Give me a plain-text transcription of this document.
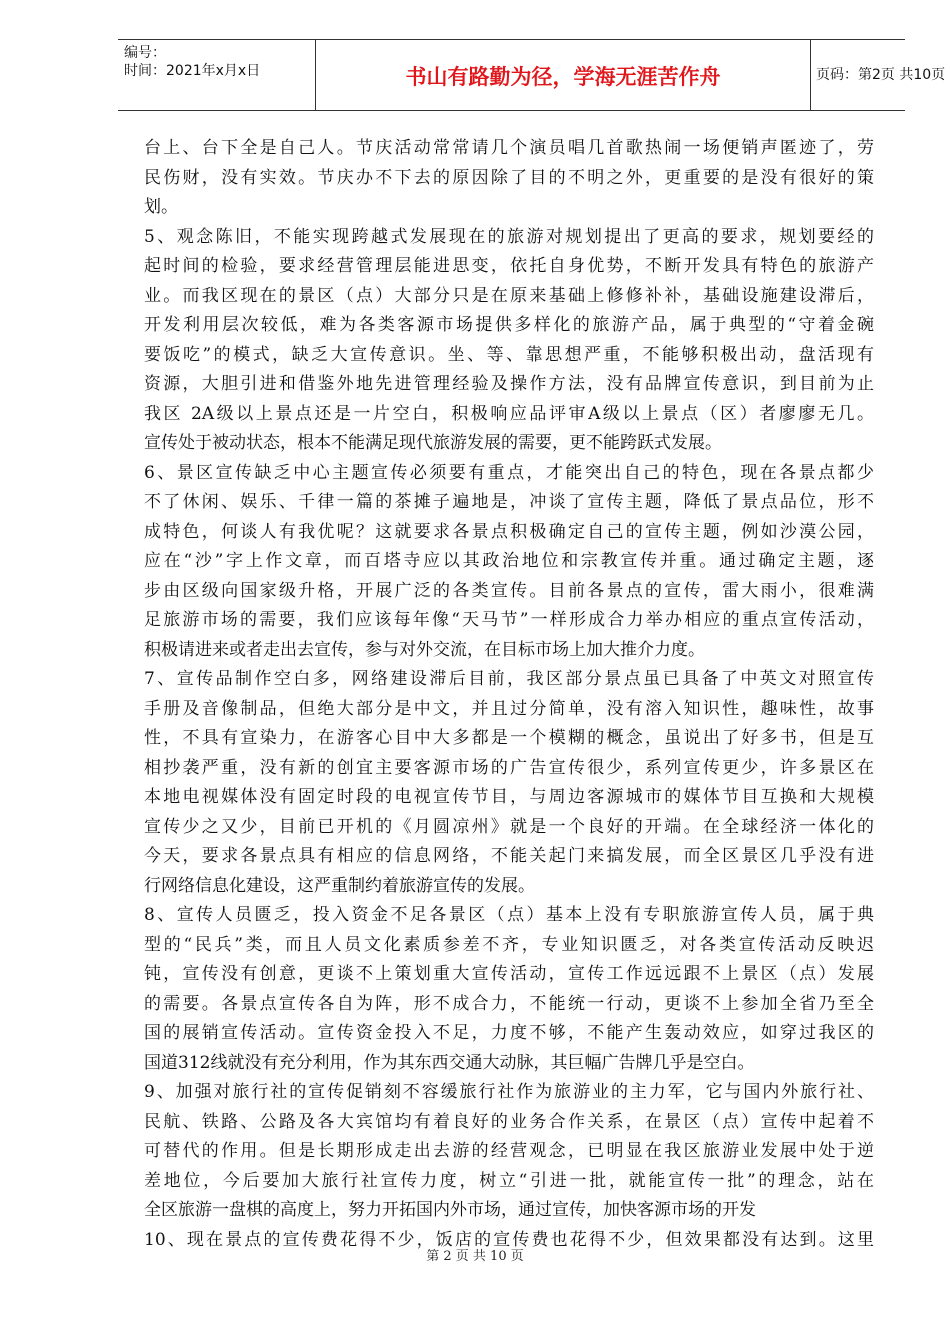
编号：
时间：2021年x月x日	书山有路勤为径，学海无涯苦作舟	页码：第2页 共10页
台上、台下全是自己人。节庆活动常常请几个演员唱几首歌热闹一场便销声匿迹了，劳
民伤财，没有实效。节庆办不下去的原因除了目的不明之外，更重要的是没有很好的策
划。
5、观念陈旧，不能实现跨越式发展现在的旅游对规划提出了更高的要求，规划要经的
起时间的检验，要求经营管理层能进思变，依托自身优势，不断开发具有特色的旅游产
业。而我区现在的景区（点）大部分只是在原来基础上修修补补，基础设施建设滞后，
开发利用层次较低，难为各类客源市场提供多样化的旅游产品，属于典型的“守着金碗
要饭吃”的模式，缺乏大宣传意识。坐、等、靠思想严重，不能够积极出动，盘活现有
资源，大胆引进和借鉴外地先进管理经验及操作方法，没有品牌宣传意识，到目前为止
我区 2A级以上景点还是一片空白，积极响应品评审A级以上景点（区）者廖廖无几。
宣传处于被动状态，根本不能满足现代旅游发展的需要，更不能跨跃式发展。
6、景区宣传缺乏中心主题宣传必须要有重点，才能突出自己的特色，现在各景点都少
不了休闲、娱乐、千律一篇的茶摊子遍地是，冲谈了宣传主题，降低了景点品位，形不
成特色，何谈人有我优呢？这就要求各景点积极确定自己的宣传主题，例如沙漠公园，
应在“沙”字上作文章，而百塔寺应以其政治地位和宗教宣传并重。通过确定主题，逐
步由区级向国家级升格，开展广泛的各类宣传。目前各景点的宣传，雷大雨小，很难满
足旅游市场的需要，我们应该每年像“天马节”一样形成合力举办相应的重点宣传活动，
积极请进来或者走出去宣传，参与对外交流，在目标市场上加大推介力度。
7、宣传品制作空白多，网络建设滞后目前，我区部分景点虽已具备了中英文对照宣传
手册及音像制品，但绝大部分是中文，并且过分简单，没有溶入知识性，趣味性，故事
性，不具有宣染力，在游客心目中大多都是一个模糊的概念，虽说出了好多书，但是互
相抄袭严重，没有新的创宜主要客源市场的广告宣传很少，系列宣传更少，许多景区在
本地电视媒体没有固定时段的电视宣传节目，与周边客源城市的媒体节目互换和大规模
宣传少之又少，目前已开机的《月圆凉州》就是一个良好的开端。在全球经济一体化的
今天，要求各景点具有相应的信息网络，不能关起门来搞发展，而全区景区几乎没有进
行网络信息化建设，这严重制约着旅游宣传的发展。
8、宣传人员匮乏，投入资金不足各景区（点）基本上没有专职旅游宣传人员，属于典
型的“民兵”类，而且人员文化素质参差不齐，专业知识匮乏，对各类宣传活动反映迟
钝，宣传没有创意，更谈不上策划重大宣传活动，宣传工作远远跟不上景区（点）发展
的需要。各景点宣传各自为阵，形不成合力，不能统一行动，更谈不上参加全省乃至全
国的展销宣传活动。宣传资金投入不足，力度不够，不能产生轰动效应，如穿过我区的
国道312线就没有充分利用，作为其东西交通大动脉，其巨幅广告牌几乎是空白。
9、加强对旅行社的宣传促销刻不容缓旅行社作为旅游业的主力军，它与国内外旅行社、
民航、铁路、公路及各大宾馆均有着良好的业务合作关系，在景区（点）宣传中起着不
可替代的作用。但是长期形成走出去游的经营观念，已明显在我区旅游业发展中处于逆
差地位，今后要加大旅行社宣传力度，树立“引进一批，就能宣传一批”的理念，站在
全区旅游一盘棋的高度上，努力开拓国内外市场，通过宣传，加快客源市场的开发
10、现在景点的宣传费花得不少，饭店的宣传费也花得不少，但效果都没有达到。这里
第 2 页 共 10 页
